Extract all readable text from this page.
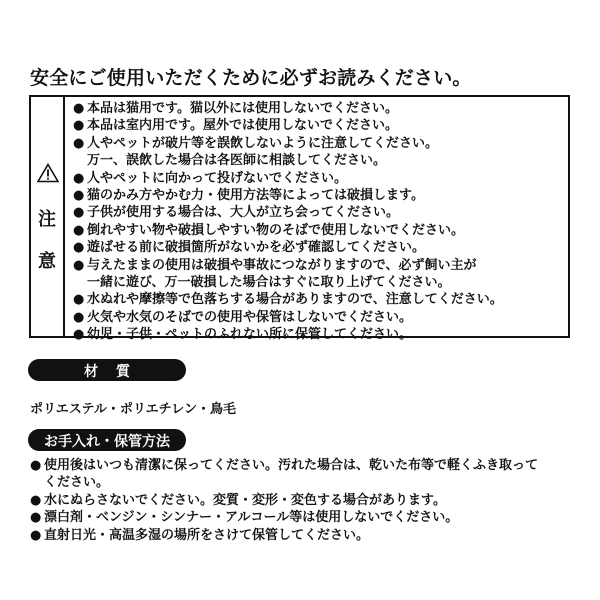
安全にご使用いただくために必ずお読みください。
注
意
● 本品は猫用です。猫以外には使用しないでください。
● 本品は室内用です。屋外では使用しないでください。
● 人やペットが破片等を誤飲しないように注意してください。
万一、誤飲した場合は各医師に相談してください。
● 人やペットに向かって投げないでください。
● 猫のかみ方やかむ力・使用方法等によっては破損します。
● 子供が使用する場合は、大人が立ち会ってください。
● 倒れやすい物や破損しやすい物のそばで使用しないでください。
● 遊ばせる前に破損箇所がないかを必ず確認してください。
● 与えたままの使用は破損や事故につながりますので、必ず飼い主が
一緒に遊び、万一破損した場合はすぐに取り上げてください。
● 水ぬれや摩擦等で色落ちする場合がありますので、注意してください。
● 火気や水気のそばでの使用や保管はしないでください。
● 幼児・子供・ペットのふれない所に保管してください。
材質
ポリエステル・ポリエチレン・鳥毛
お手入れ・保管方法
● 使用後はいつも清潔に保ってください。汚れた場合は、乾いた布等で軽くふき取って
ください。
● 水にぬらさないでください。変質・変形・変色する場合があります。
● 漂白剤・ベンジン・シンナー・アルコール等は使用しないでください。
● 直射日光・高温多湿の場所をさけて保管してください。
